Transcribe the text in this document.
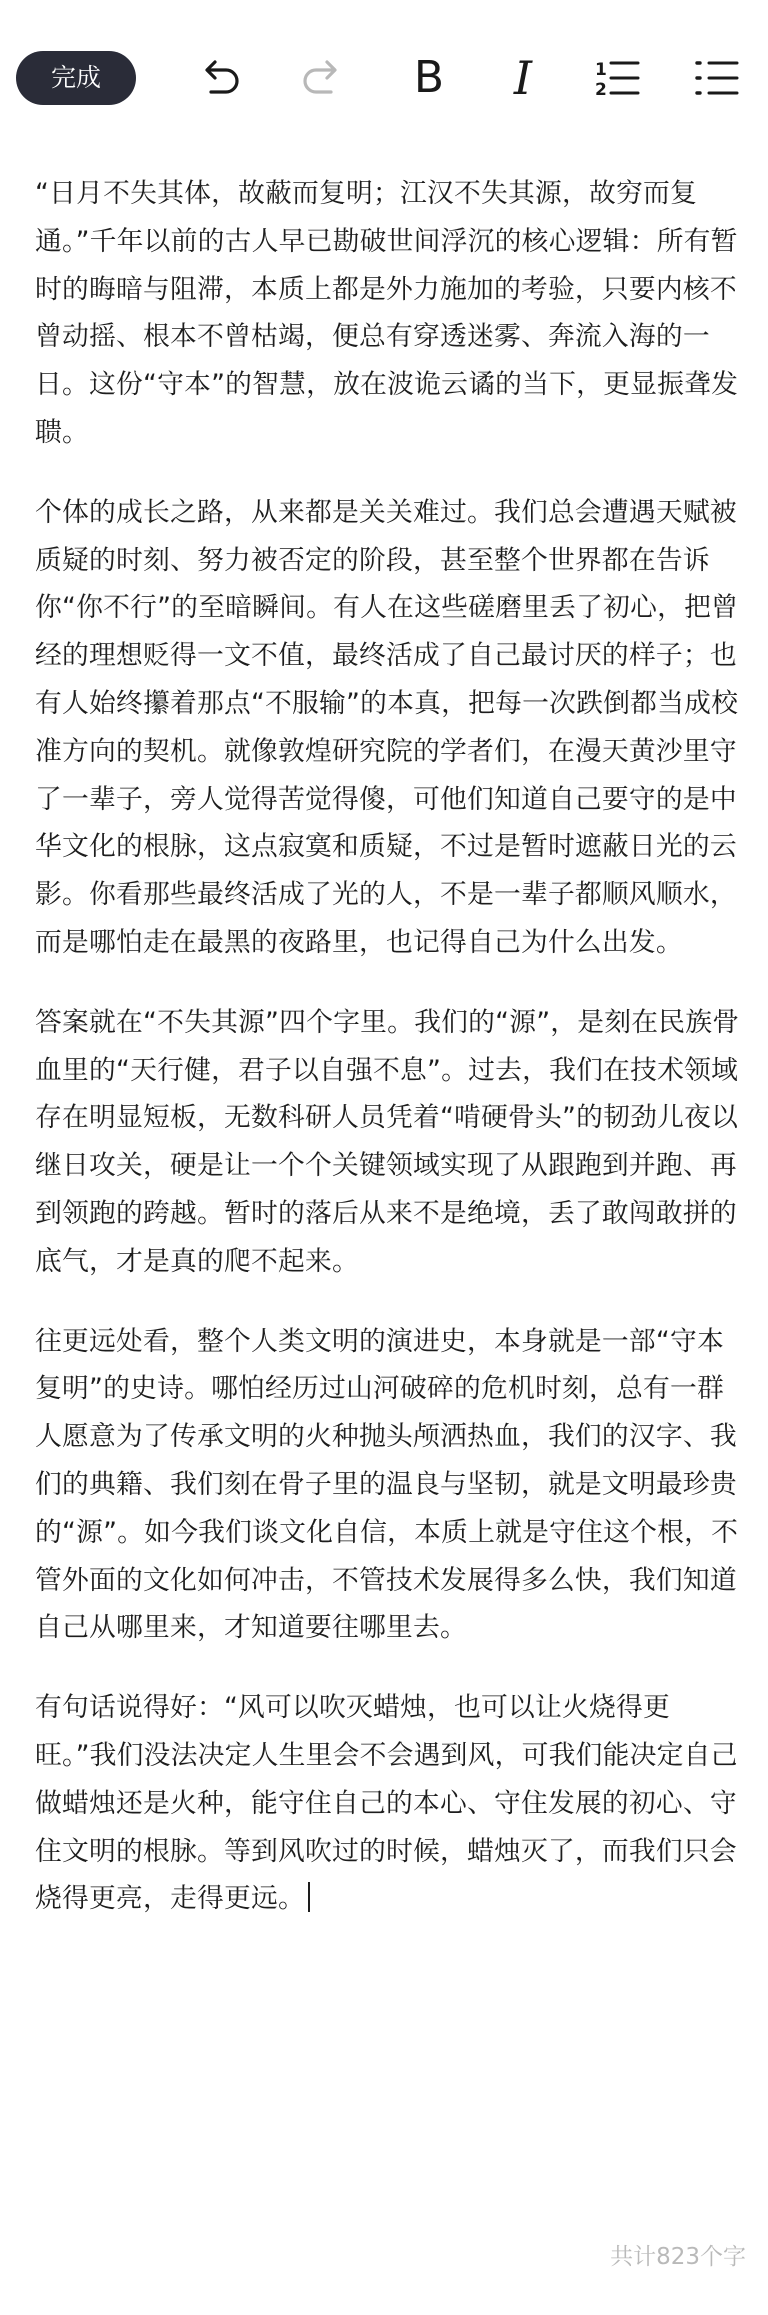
完成	B I	1
2

“日月不失其体，故蔽而复明；江汉不失其源，故穷而复通。”千年以前的古人早已勘破世间浮沉的核心逻辑：所有暂时的晦暗与阻滞，本质上都是外力施加的考验，只要内核不曾动摇、根本不曾枯竭，便总有穿透迷雾、奔流入海的一日。这份“守本”的智慧，放在波诡云谲的当下，更显振聋发聩。

个体的成长之路，从来都是关关难过。我们总会遭遇天赋被质疑的时刻、努力被否定的阶段，甚至整个世界都在告诉你“你不行”的至暗瞬间。有人在这些磋磨里丢了初心，把曾经的理想贬得一文不值，最终活成了自己最讨厌的样子；也有人始终攥着那点“不服输”的本真，把每一次跌倒都当成校准方向的契机。就像敦煌研究院的学者们，在漫天黄沙里守了一辈子，旁人觉得苦觉得傻，可他们知道自己要守的是中华文化的根脉，这点寂寞和质疑，不过是暂时遮蔽日光的云影。你看那些最终活成了光的人，不是一辈子都顺风顺水，而是哪怕走在最黑的夜路里，也记得自己为什么出发。

答案就在“不失其源”四个字里。我们的“源”，是刻在民族骨血里的“天行健，君子以自强不息”。过去，我们在技术领域存在明显短板，无数科研人员凭着“啃硬骨头”的韧劲儿夜以继日攻关，硬是让一个个关键领域实现了从跟跑到并跑、再到领跑的跨越。暂时的落后从来不是绝境，丢了敢闯敢拼的底气，才是真的爬不起来。

往更远处看，整个人类文明的演进史，本身就是一部“守本复明”的史诗。哪怕经历过山河破碎的危机时刻，总有一群人愿意为了传承文明的火种抛头颅洒热血，我们的汉字、我们的典籍、我们刻在骨子里的温良与坚韧，就是文明最珍贵的“源”。如今我们谈文化自信，本质上就是守住这个根，不管外面的文化如何冲击，不管技术发展得多么快，我们知道自己从哪里来，才知道要往哪里去。

有句话说得好：“风可以吹灭蜡烛，也可以让火烧得更旺。”我们没法决定人生里会不会遇到风，可我们能决定自己做蜡烛还是火种，能守住自己的本心、守住发展的初心、守住文明的根脉。等到风吹过的时候，蜡烛灭了，而我们只会烧得更亮，走得更远。

共计823个字
